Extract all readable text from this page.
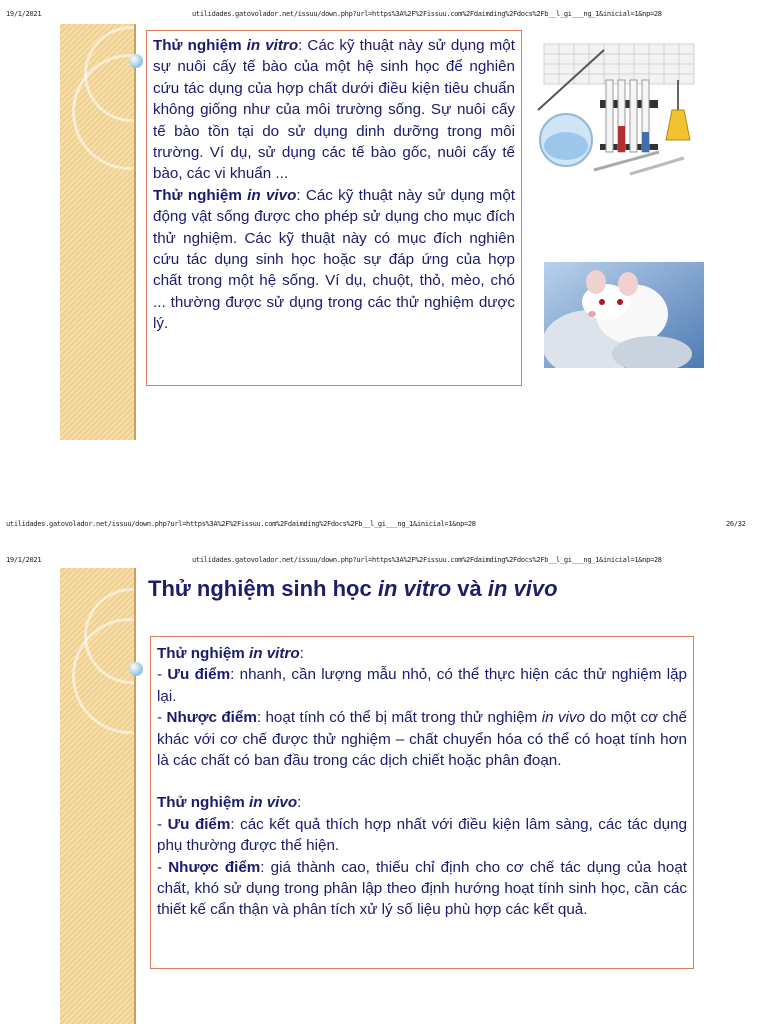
19/1/2021	utilidades.gatovolador.net/issuu/down.php?url=https%3A%2F%2Fissuu.com%2Fdaimding%2Fdocs%2Fb__l_gi___ng_1&inicial=1&np=28

Thử nghiệm in vitro: Các kỹ thuật này sử dụng một sự nuôi cấy tế bào của một hệ sinh học để nghiên cứu tác dụng của hợp chất dưới điều kiện tiêu chuẩn không giống như của môi trường sống. Sự nuôi cấy tế bào tồn tại do sử dụng dinh dưỡng trong môi trường. Ví dụ, sử dụng các tế bào gốc, nuôi cấy tế bào, các vi khuẩn ...

Thử nghiệm in vivo: Các kỹ thuật này sử dụng một động vật sống được cho phép sử dụng cho mục đích thử nghiệm. Các kỹ thuật này có mục đích nghiên cứu tác dụng sinh học hoặc sự đáp ứng của hợp chất trong một hệ sống. Ví dụ, chuột, thỏ, mèo, chó ... thường được sử dụng trong các thử nghiệm dược lý.

utilidades.gatovolador.net/issuu/down.php?url=https%3A%2F%2Fissuu.com%2Fdaimding%2Fdocs%2Fb__l_gi___ng_1&inicial=1&np=28	26/32
19/1/2021	utilidades.gatovolador.net/issuu/down.php?url=https%3A%2F%2Fissuu.com%2Fdaimding%2Fdocs%2Fb__l_gi___ng_1&inicial=1&np=28
Thử nghiệm sinh học in vitro và in vivo

Thử nghiệm in vitro:

- Ưu điểm: nhanh, cần lượng mẫu nhỏ, có thể thực hiện các thử nghiệm lặp lại.

- Nhược điểm: hoạt tính có thể bị mất trong thử nghiệm in vivo do một cơ chế khác với cơ chế được thử nghiệm – chất chuyển hóa có thể có hoạt tính hơn là các chất có ban đầu trong các dịch chiết hoặc phân đoạn.

Thử nghiệm in vivo:

- Ưu điểm: các kết quả thích hợp nhất với điều kiện lâm sàng, các tác dụng phụ thường được thể hiện.

- Nhược điểm: giá thành cao, thiếu chỉ định cho cơ chế tác dụng của hoạt chất, khó sử dụng trong phân lập theo định hướng hoạt tính sinh học, cần các thiết kế cẩn thận và phân tích xử lý số liệu phù hợp các kết quả.
